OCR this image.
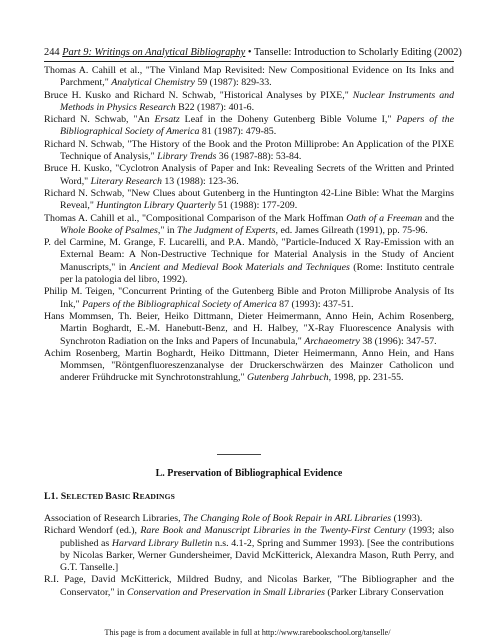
244 Part 9: Writings on Analytical Bibliography • Tanselle: Introduction to Scholarly Editing (2002)

Thomas A. Cahill et al., "The Vinland Map Revisited: New Compositional Evidence on Its Inks and Parchment," Analytical Chemistry 59 (1987): 829-33.

Bruce H. Kusko and Richard N. Schwab, "Historical Analyses by PIXE," Nuclear Instruments and Methods in Physics Research B22 (1987): 401-6.

Richard N. Schwab, "An Ersatz Leaf in the Doheny Gutenberg Bible Volume I," Papers of the Bibliographical Society of America 81 (1987): 479-85.

Richard N. Schwab, "The History of the Book and the Proton Milliprobe: An Application of the PIXE Technique of Analysis," Library Trends 36 (1987-88): 53-84.

Bruce H. Kusko, "Cyclotron Analysis of Paper and Ink: Revealing Secrets of the Written and Printed Word," Literary Research 13 (1988): 123-36.

Richard N. Schwab, "New Clues about Gutenberg in the Huntington 42-Line Bible: What the Margins Reveal," Huntington Library Quarterly 51 (1988): 177-209.

Thomas A. Cahill et al., "Compositional Comparison of the Mark Hoffman Oath of a Freeman and the Whole Booke of Psalmes," in The Judgment of Experts, ed. James Gilreath (1991), pp. 75-96.

P. del Carmine, M. Grange, F. Lucarelli, and P.A. Mandò, "Particle-Induced X Ray-Emission with an External Beam: A Non-Destructive Technique for Material Analysis in the Study of Ancient Manuscripts," in Ancient and Medieval Book Materials and Techniques (Rome: Instituto centrale per la patologia del libro, 1992).

Philip M. Teigen, "Concurrent Printing of the Gutenberg Bible and Proton Milliprobe Analysis of Its Ink," Papers of the Bibliographical Society of America 87 (1993): 437-51.

Hans Mommsen, Th. Beier, Heiko Dittmann, Dieter Heimermann, Anno Hein, Achim Rosenberg, Martin Boghardt, E.-M. Hanebutt-Benz, and H. Halbey, "X-Ray Fluorescence Analysis with Synchroton Radiation on the Inks and Papers of Incunabula," Archaeometry 38 (1996): 347-57.

Achim Rosenberg, Martin Boghardt, Heiko Dittmann, Dieter Heimermann, Anno Hein, and Hans Mommsen, "Röntgenfluoreszenzanalyse der Druckerschwärzen des Mainzer Catholicon und anderer Frühdrucke mit Synchrotonstrahlung," Gutenberg Jahrbuch, 1998, pp. 231-55.

L. Preservation of Bibliographical Evidence
L1. SELECTED BASIC READINGS

Association of Research Libraries, The Changing Role of Book Repair in ARL Libraries (1993).

Richard Wendorf (ed.), Rare Book and Manuscript Libraries in the Twenty-First Century (1993; also published as Harvard Library Bulletin n.s. 4.1-2, Spring and Summer 1993). [See the contributions by Nicolas Barker, Werner Gundersheimer, David McKitterick, Alexandra Mason, Ruth Perry, and G.T. Tanselle.]

R.I. Page, David McKitterick, Mildred Budny, and Nicolas Barker, "The Bibliographer and the Conservator," in Conservation and Preservation in Small Libraries (Parker Library Conservation

This page is from a document available in full at http://www.rarebookschool.org/tanselle/
